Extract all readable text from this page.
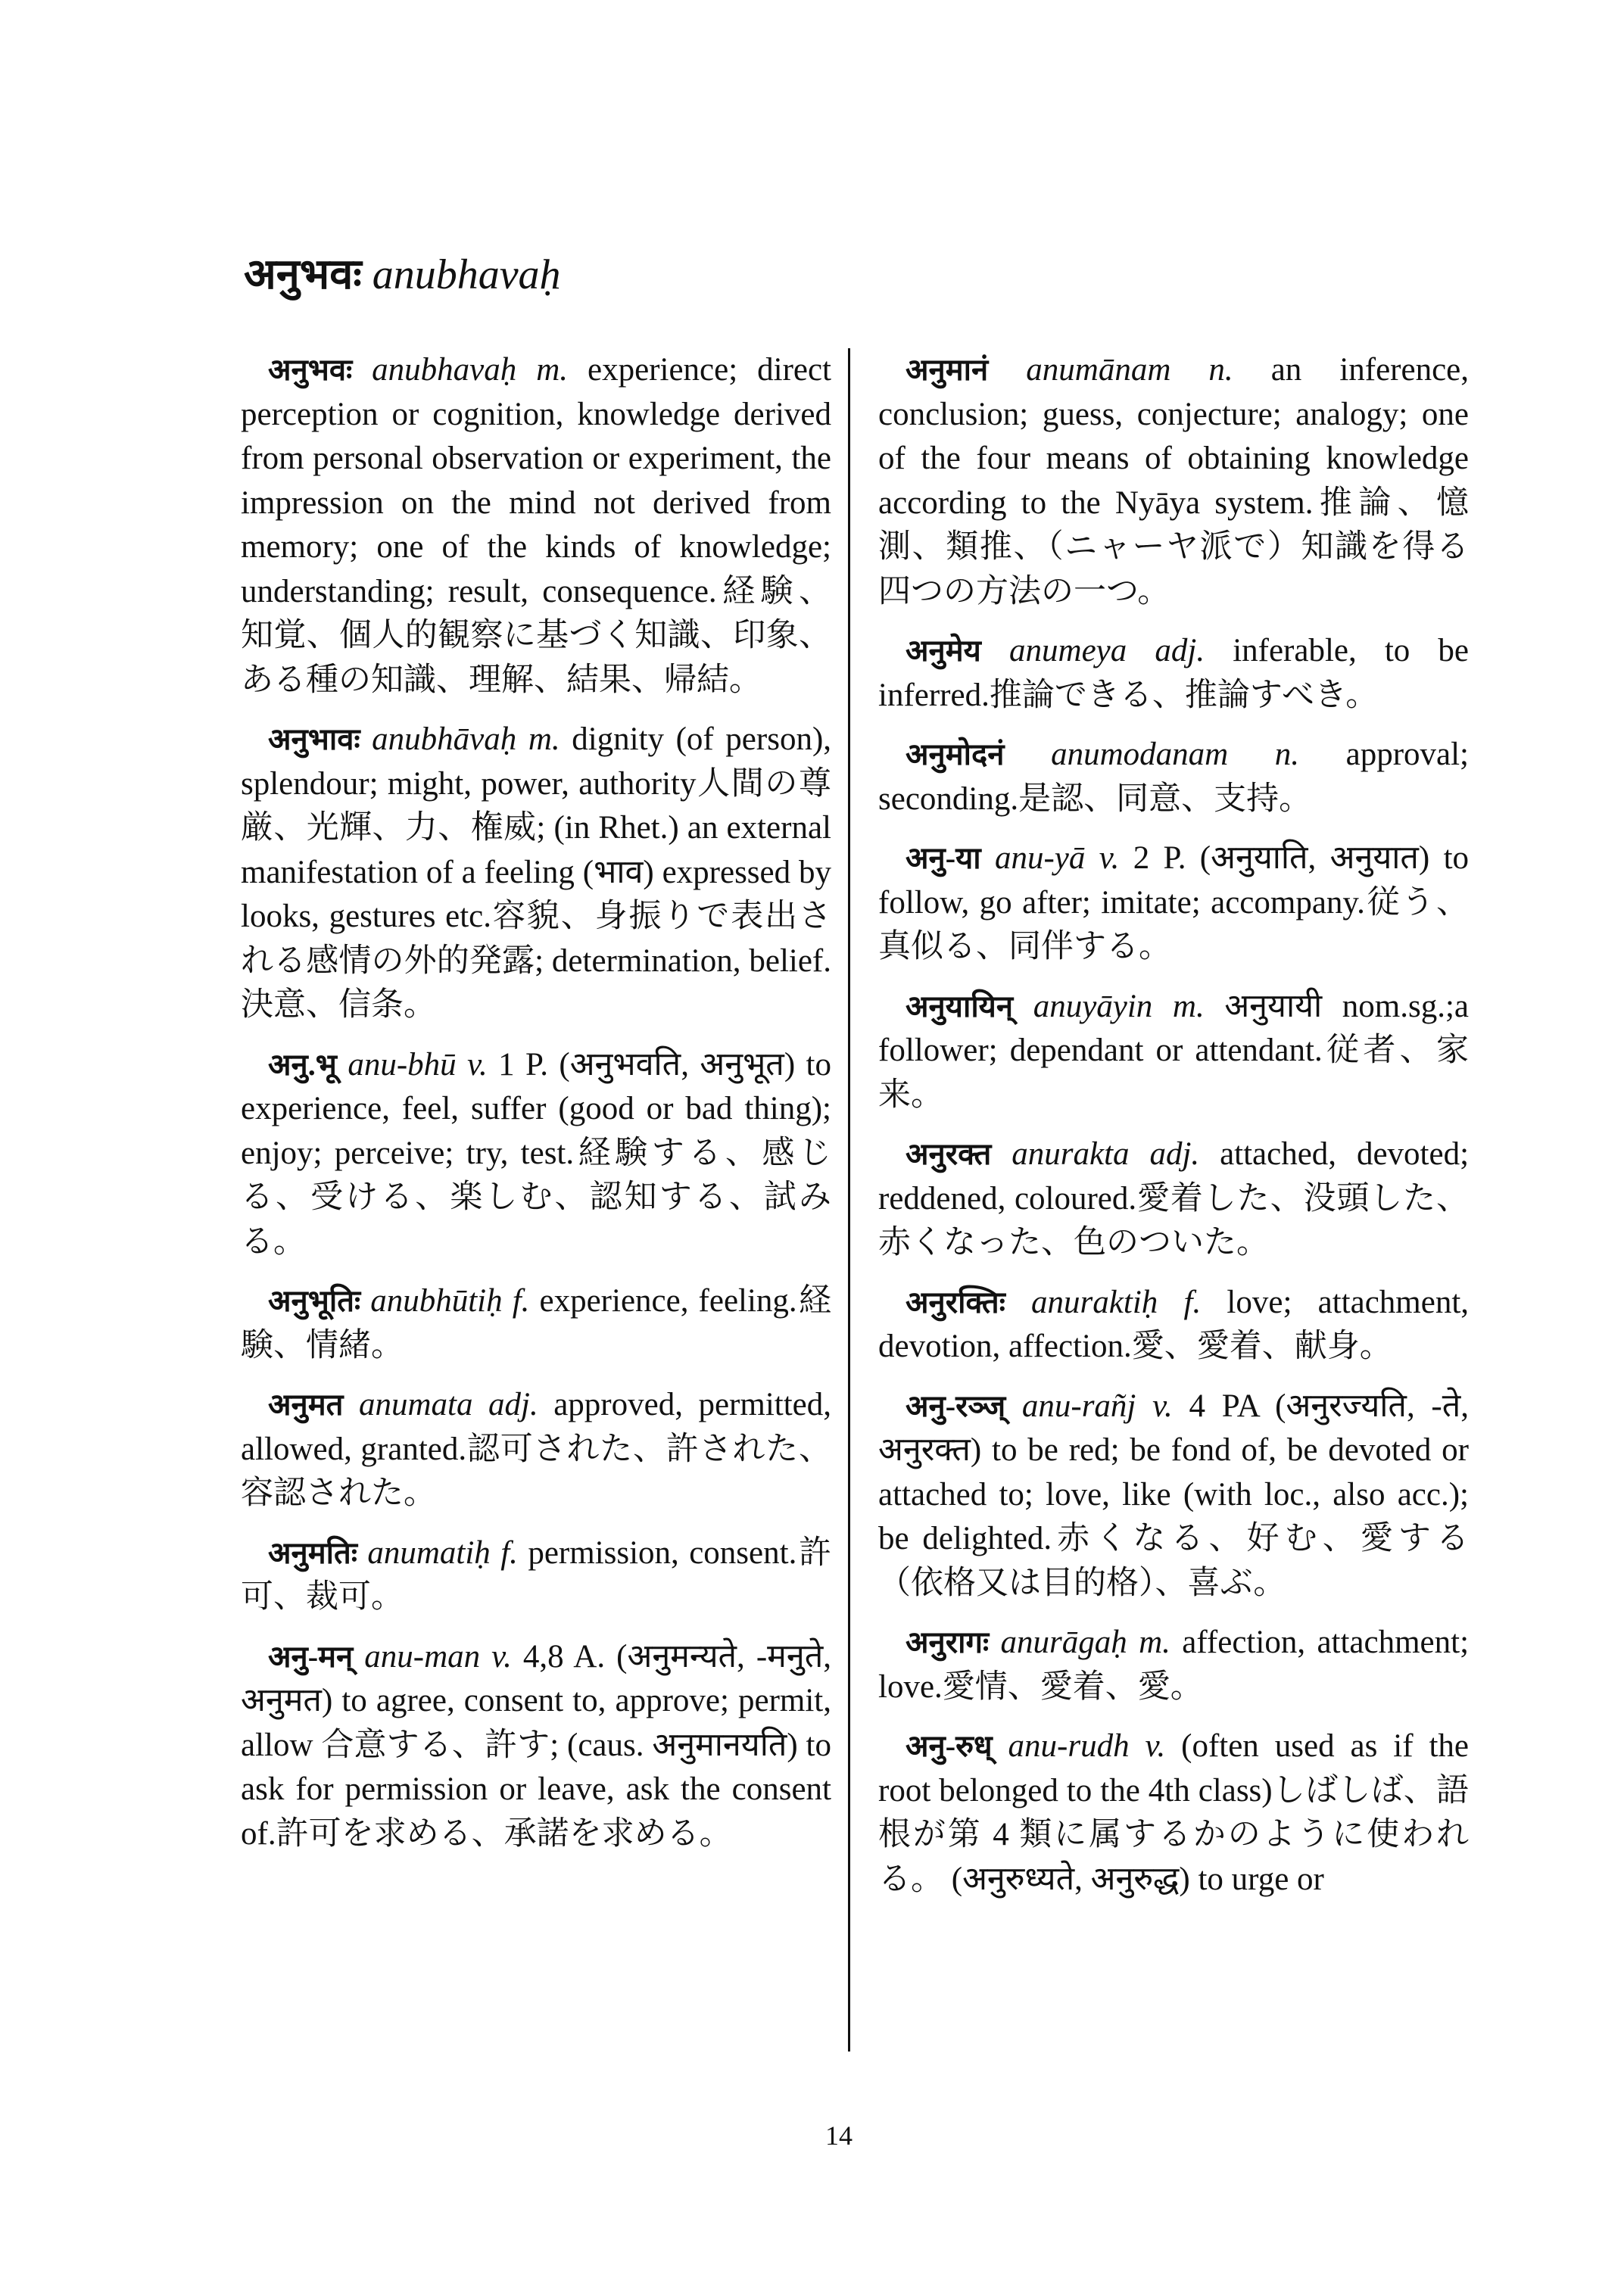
अनुभवः anubhavaḥ

अनुभवः anubhavaḥ m. experience; direct perception or cognition, knowledge derived from personal observation or experiment, the impression on the mind not derived from memory; one of the kinds of knowledge; understanding; result, consequence.経験、知覚、個人的観察に基づく知識、印象、ある種の知識、理解、結果、帰結。

अनुभावः anubhāvaḥ m. dignity (of person), splendour; might, power, authority人間の尊厳、光輝、力、権威; (in Rhet.) an external manifestation of a feeling (भाव) expressed by looks, gestures etc.容貌、身振りで表出される感情の外的発露; determination, belief.決意、信条。

अनु.भू anu-bhū v. 1 P. (अनुभवति, अनुभूत) to experience, feel, suffer (good or bad thing); enjoy; perceive; try, test.経験する、感じる、受ける、楽しむ、認知する、試みる。

अनुभूतिः anubhūtiḥ f. experience, feeling.経験、情緒。

अनुमत anumata adj. approved, permitted, allowed, granted.認可された、許された、容認された。

अनुमतिः anumatiḥ f. permission, consent.許可、裁可。

अनु-मन् anu-man v. 4,8 A. (अनुमन्यते, -मनुते, अनुमत) to agree, consent to, approve; permit, allow 合意する、許す; (caus. अनुमानयति) to ask for permission or leave, ask the consent of.許可を求める、承諾を求める。

अनुमानं anumānam n. an inference, conclusion; guess, conjecture; analogy; one of the four means of obtaining knowledge according to the Nyāya system.推論、憶測、類推、（ニャーヤ派で）知識を得る四つの方法の一つ。

अनुमेय anumeya adj. inferable, to be inferred.推論できる、推論すべき。

अनुमोदनं anumodanam n. approval; seconding.是認、同意、支持。

अनु-या anu-yā v. 2 P. (अनुयाति, अनुयात) to follow, go after; imitate; accompany.従う、真似る、同伴する。

अनुयायिन् anuyāyin m. अनुयायी nom.sg.;a follower; dependant or attendant.従者、家来。

अनुरक्त anurakta adj. attached, devoted; reddened, coloured.愛着した、没頭した、赤くなった、色のついた。

अनुरक्तिः anuraktiḥ f. love; attachment, devotion, affection.愛、愛着、献身。

अनु-रञ्ज् anu-rañj v. 4 PA (अनुरज्यति, -ते, अनुरक्त) to be red; be fond of, be devoted or attached to; love, like (with loc., also acc.); be delighted.赤くなる、好む、愛する（依格又は目的格）、喜ぶ。

अनुरागः anurāgaḥ m. affection, attachment; love.愛情、愛着、愛。

अनु-रुध् anu-rudh v. (often used as if the root belonged to the 4th class)しばしば、語根が第 4 類に属するかのように使われる。 (अनुरुध्यते, अनुरुद्ध) to urge or

14
